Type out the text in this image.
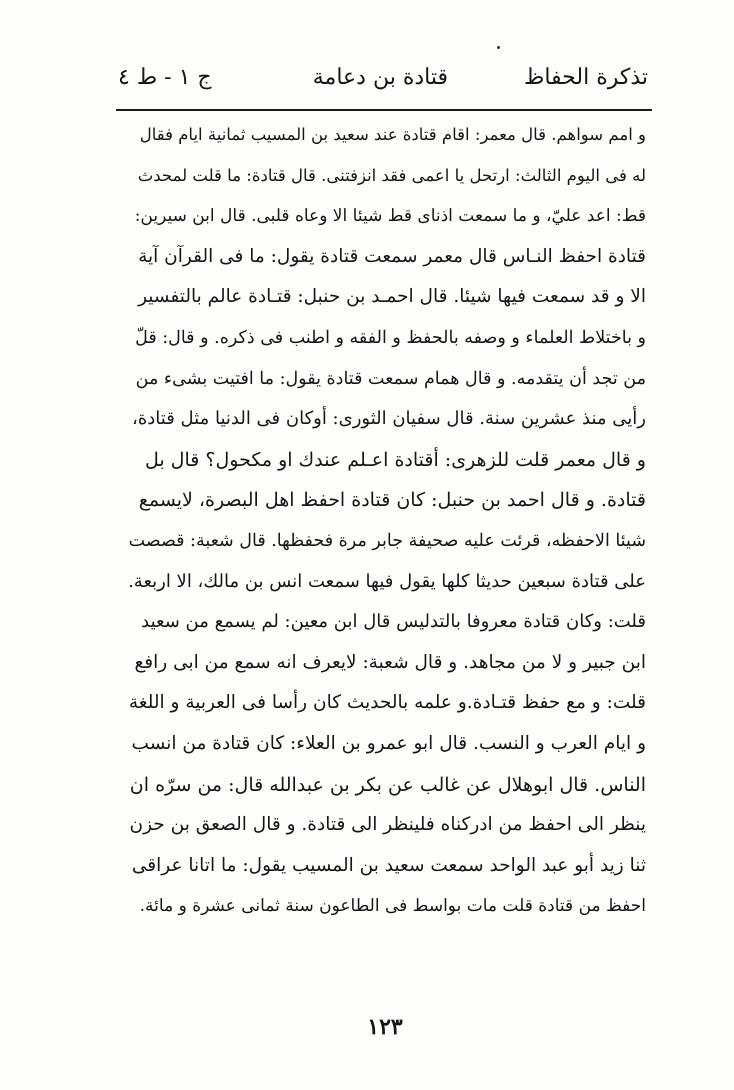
تذكرة الحفاظ
قتادة بن دعامة
ج ١ - ط ٤
و امم سواهم. قال معمر: اقام قتادة عند سعيد بن المسيب ثمانية ايام فقال
له فى اليوم الثالث: ارتحل يا اعمى فقد انزفتنى. قال قتادة: ما قلت لمحدث
قط: اعد عليّ، و ما سمعت اذناى قط شيئا الا وعاه قلبى. قال ابن سيرين:
قتادة احفظ النـاس قال معمر سمعت قتادة يقول: ما فى القرآن آية
الا و قد سمعت فيها شيئا. قال احمـد بن حنبل: قتـادة عالم بالتفسير
و باختلاط العلماء و وصفه بالحفظ و الفقه و اطنب فى ذكره. و قال: قلّ
من تجد أن يتقدمه. و قال همام سمعت قتادة يقول: ما افتيت بشىء من
رأيى منذ عشرين سنة. قال سفيان الثورى: أوكان فى الدنيا مثل قتادة،
و قال معمر قلت للزهرى: أقتادة اعـلم عندك او مكحول؟ قال بل
قتادة. و قال احمد بن حنبل: كان قتادة احفظ اهل البصرة، لايسمع
شيئا الاحفظه، قرئت عليه صحيفة جابر مرة فحفظها. قال شعبة: قصصت
على قتادة سبعين حديثا كلها يقول فيها سمعت انس بن مالك، الا اربعة.
قلت: وكان قتادة معروفا بالتدليس قال ابن معين: لم يسمع من سعيد
ابن جبير و لا من مجاهد. و قال شعبة: لايعرف انه سمع من ابى رافع
قلت: و مع حفظ قتـادة.و علمه بالحديث كان رأسا فى العربية و اللغة
و ايام العرب و النسب. قال ابو عمرو بن العلاء: كان قتادة من انسب
الناس. قال ابوهلال عن غالب عن بكر بن عبدالله قال: من سرّه ان
ينظر الى احفظ من ادركناه فلينظر الى قتادة. و قال الصعق بن حزن
ثنا زيد أبو عبد الواحد سمعت سعيد بن المسيب يقول: ما اتانا عراقى
احفظ من قتادة قلت مات بواسط فى الطاعون سنة ثمانى عشرة و مائة.
١٢٣
